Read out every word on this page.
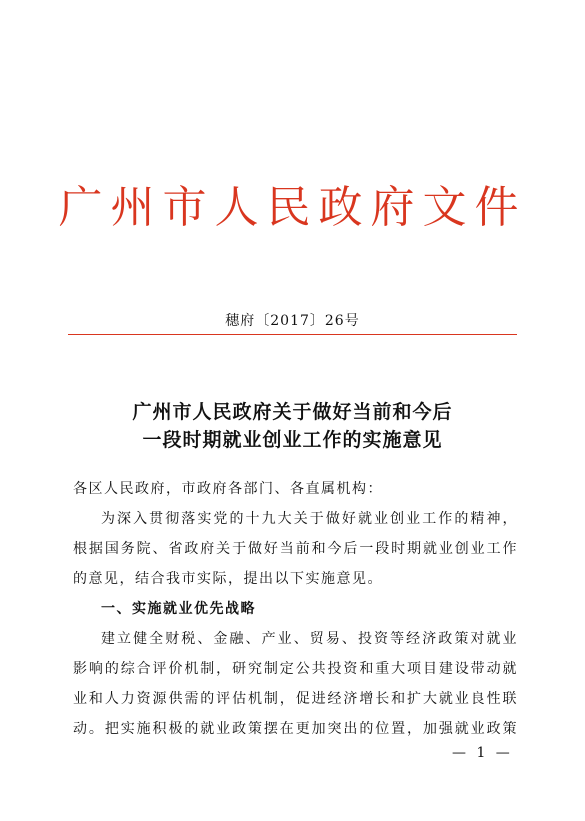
广州市人民政府文件
穗府〔2017〕26号
广州市人民政府关于做好当前和今后
一段时期就业创业工作的实施意见
各区人民政府，市政府各部门、各直属机构：
为深入贯彻落实党的十九大关于做好就业创业工作的精神，
根据国务院、省政府关于做好当前和今后一段时期就业创业工作
的意见，结合我市实际，提出以下实施意见。
一、实施就业优先战略
建立健全财税、金融、产业、贸易、投资等经济政策对就业
影响的综合评价机制，研究制定公共投资和重大项目建设带动就
业和人力资源供需的评估机制，促进经济增长和扩大就业良性联
动。把实施积极的就业政策摆在更加突出的位置，加强就业政策
— 1 —
